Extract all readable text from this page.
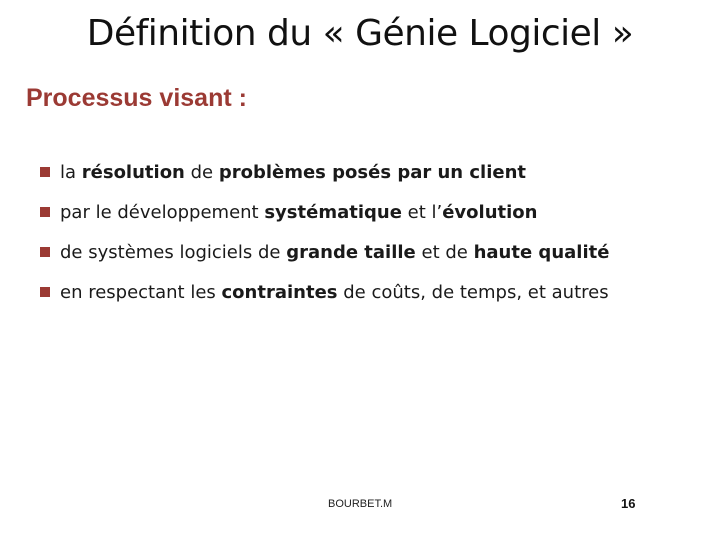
Définition du « Génie Logiciel »
Processus visant :
la résolution de problèmes posés par un client
par le développement systématique et l’ évolution
de systèmes logiciels de grande taille et de haute qualité
en respectant les contraintes de coûts, de temps, et autres
BOURBET.M	16
